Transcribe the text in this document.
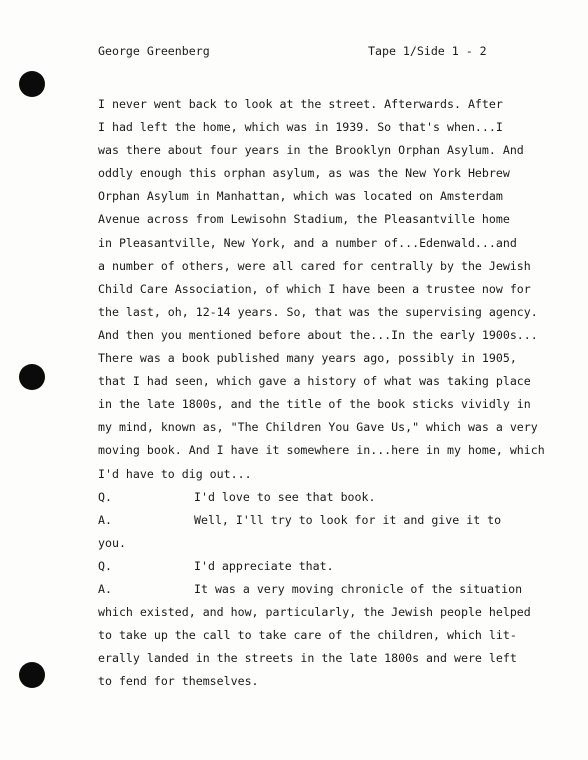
George Greenberg	Tape 1/Side 1 - 2
I never went back to look at the street. Afterwards. After
I had left the home, which was in 1939. So that's when...I
was there about four years in the Brooklyn Orphan Asylum. And
oddly enough this orphan asylum, as was the New York Hebrew
Orphan Asylum in Manhattan, which was located on Amsterdam
Avenue across from Lewisohn Stadium, the Pleasantville home
in Pleasantville, New York, and a number of...Edenwald...and
a number of others, were all cared for centrally by the Jewish
Child Care Association, of which I have been a trustee now for
the last, oh, 12-14 years. So, that was the supervising agency.
And then you mentioned before about the...In the early 1900s...
There was a book published many years ago, possibly in 1905,
that I had seen, which gave a history of what was taking place
in the late 1800s, and the title of the book sticks vividly in
my mind, known as, "The Children You Gave Us," which was a very
moving book. And I have it somewhere in...here in my home, which
I'd have to dig out...
Q.	I'd love to see that book.
A.	Well, I'll try to look for it and give it to
you.
Q.	I'd appreciate that.
A.	It was a very moving chronicle of the situation
which existed, and how, particularly, the Jewish people helped
to take up the call to take care of the children, which lit-
erally landed in the streets in the late 1800s and were left
to fend for themselves.
